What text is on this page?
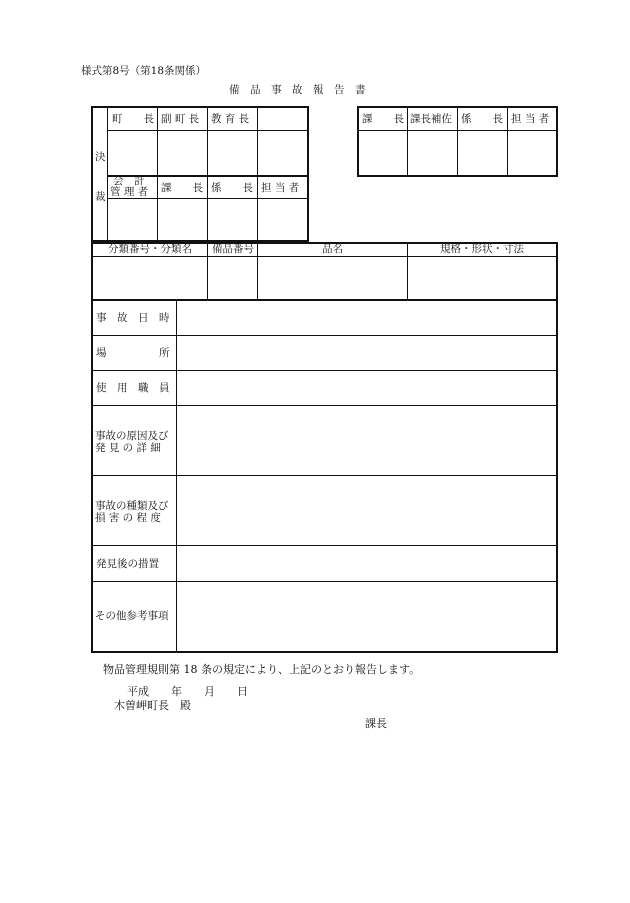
様式第8号（第18条関係）
備　品　事　故　報　告　書
決
裁
町　　長 副 町 長 教 育 長
会　計
管 理 者 課　　長 係　　長 担 当 者
課　　長 課長補佐 係　　長 担 当 者
分類番号・分類名 備品番号	品名	規格・形状・寸法
事　故　日　時
場　　　　　所
使　用　職　員
事故の原因及び
発 見 の 詳 細
事故の種類及び
損 害 の 程 度
発見後の措置
その他参考事項
物品管理規則第 18 条の規定により、上記のとおり報告します。
平成　　年　　月　　日
木曽岬町長　殿
課長
